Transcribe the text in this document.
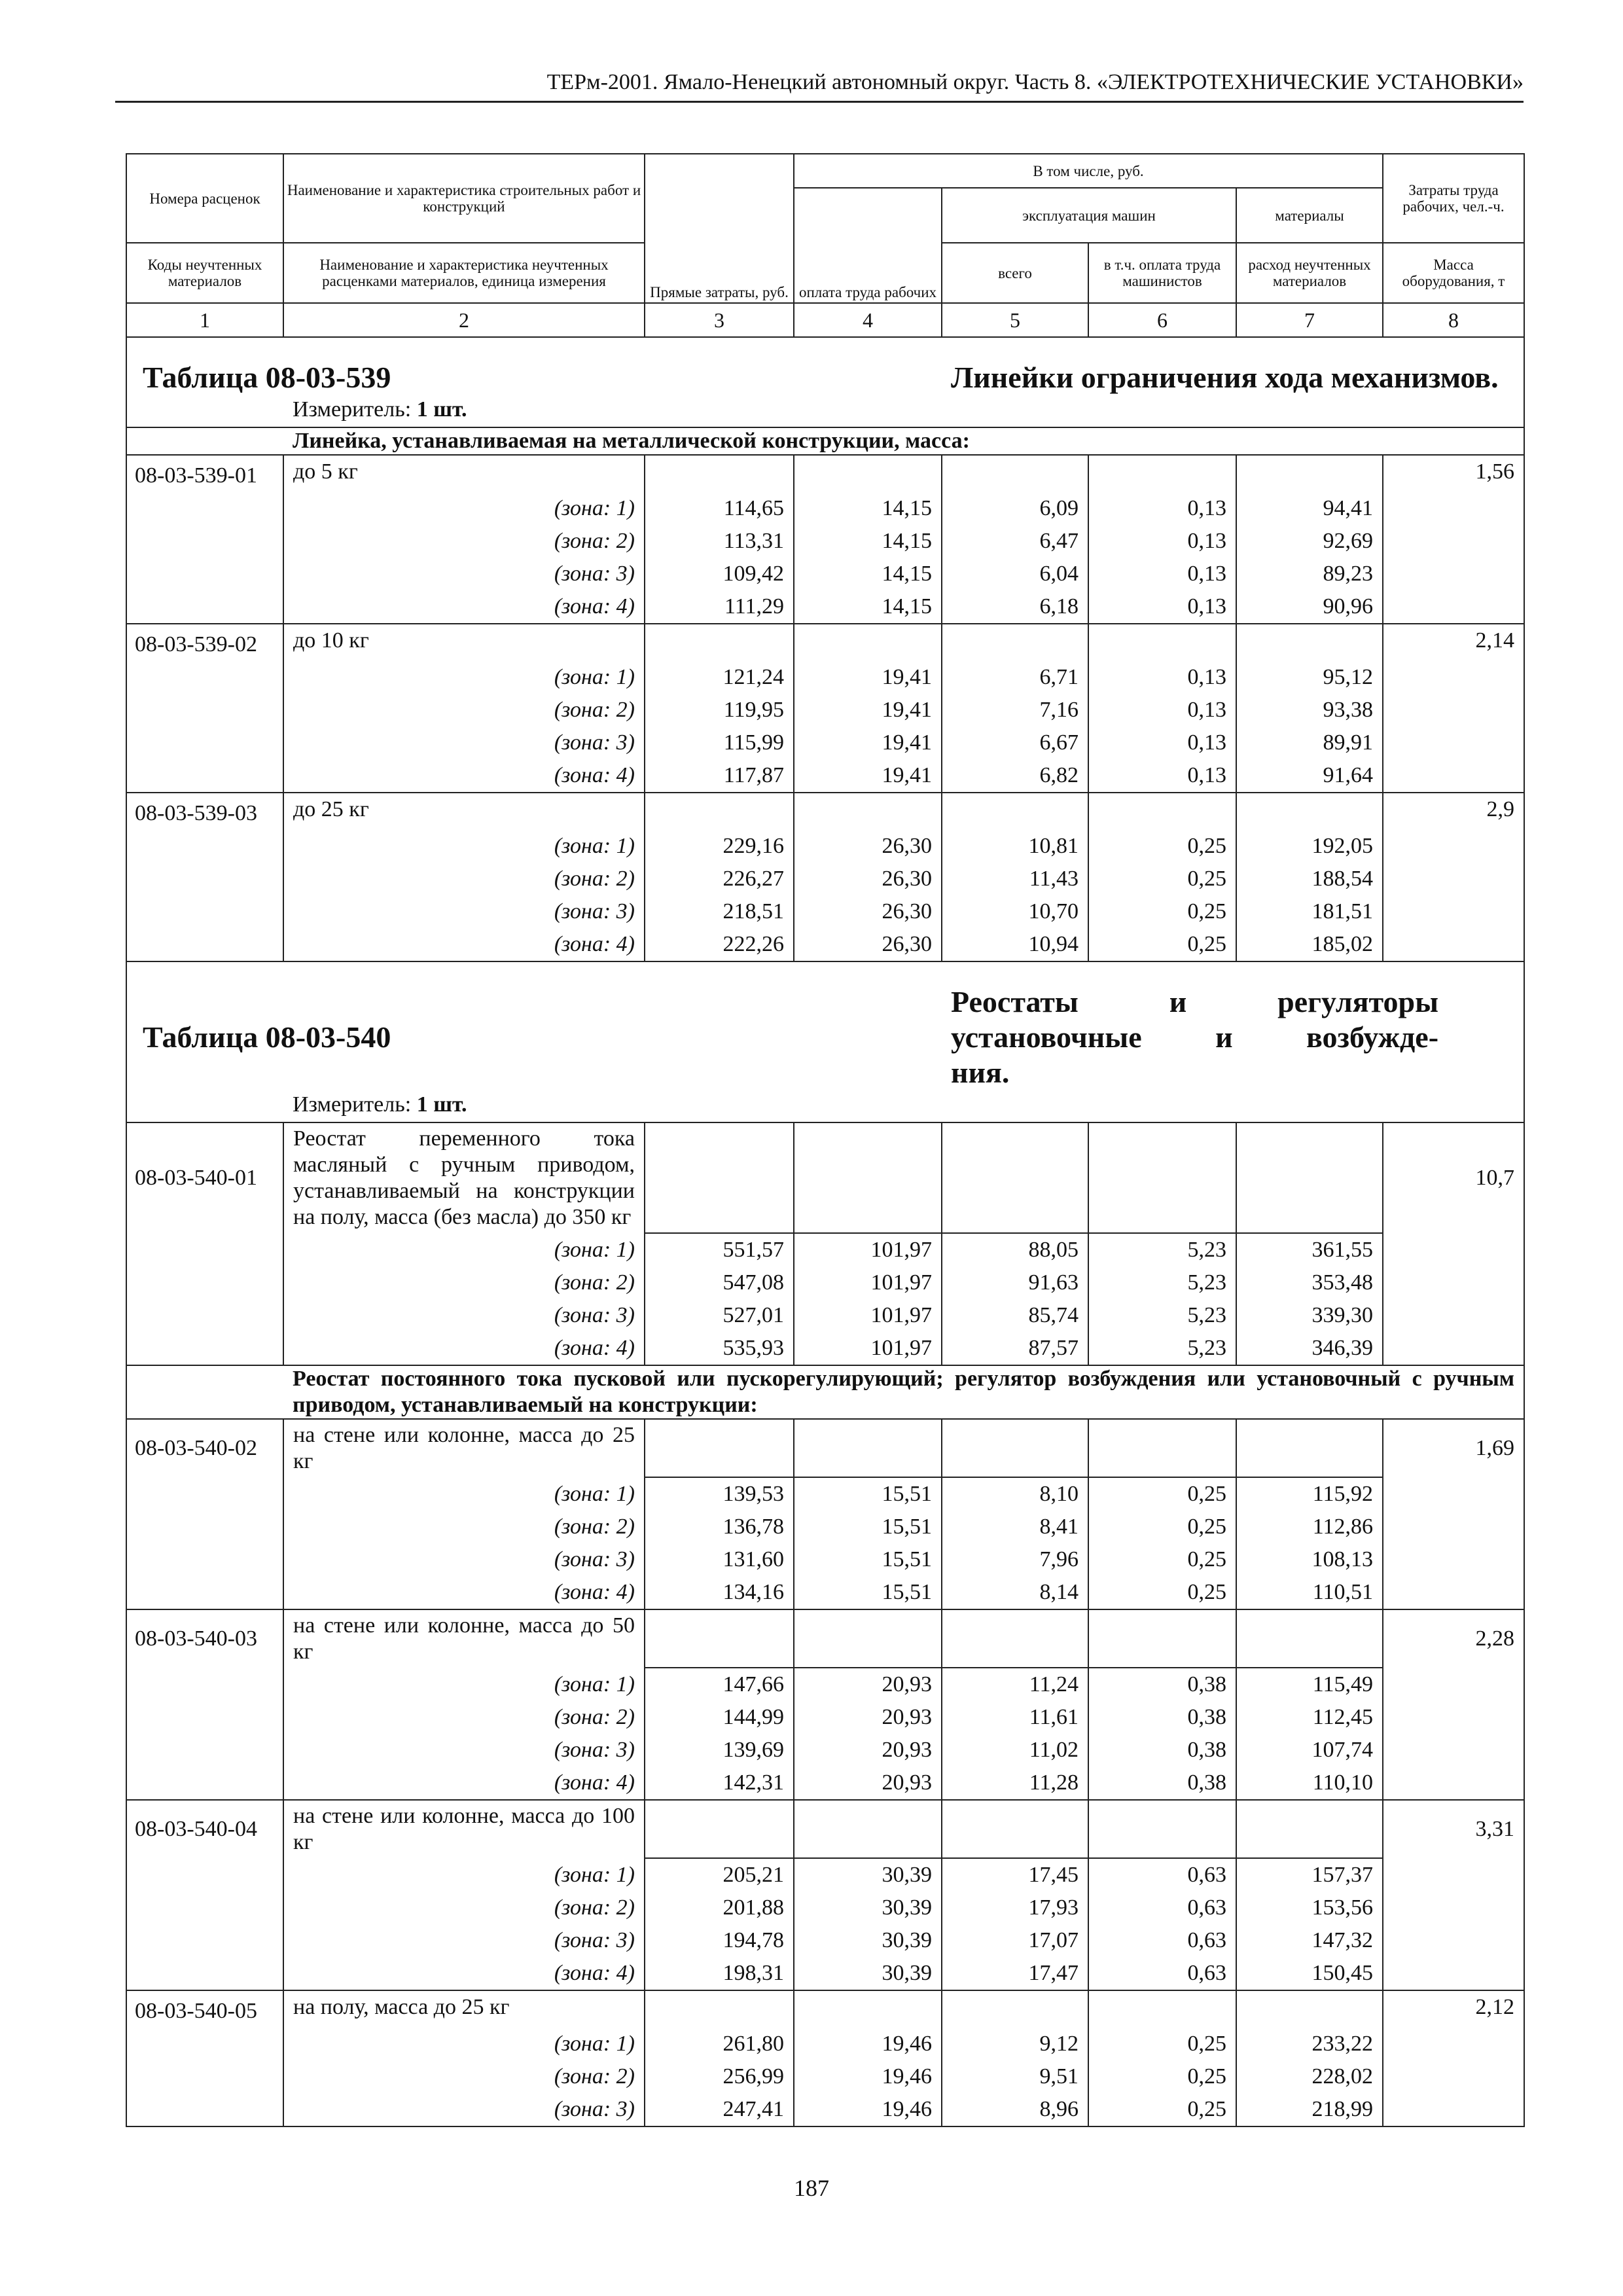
ТЕРм-2001. Ямало-Ненецкий автономный округ. Часть 8. «ЭЛЕКТРОТЕХНИЧЕСКИЕ УСТАНОВКИ»
Номера расценок	Наименование и характеристика строительных работ и конструкций	Прямые затраты, руб.	В том числе, руб.				Затраты труда рабочих, чел.-ч.
			оплата труда рабочих	эксплуатация машин		материалы	
Коды неучтенных материалов	Наименование и характеристика неучтенных расценками материалов, единица измерения			всего	в т.ч. оплата труда машинистов	расход неучтенных материалов	Масса оборудования, т
1	2	3	4	5	6	7	8
Таблица 08-03-539				Линейки ограничения хода механизмов.			
	Измеритель: 1 шт.						
	Линейка, устанавливаемая на металлической конструкции, масса:						
08-03-539-01	до 5 кг						1,56
	(зона: 1)	114,65	14,15	6,09	0,13	94,41	
	(зона: 2)	113,31	14,15	6,47	0,13	92,69	
	(зона: 3)	109,42	14,15	6,04	0,13	89,23	
	(зона: 4)	111,29	14,15	6,18	0,13	90,96	
08-03-539-02	до 10 кг						2,14
	(зона: 1)	121,24	19,41	6,71	0,13	95,12	
	(зона: 2)	119,95	19,41	7,16	0,13	93,38	
	(зона: 3)	115,99	19,41	6,67	0,13	89,91	
	(зона: 4)	117,87	19,41	6,82	0,13	91,64	
08-03-539-03	до 25 кг						2,9
	(зона: 1)	229,16	26,30	10,81	0,25	192,05	
	(зона: 2)	226,27	26,30	11,43	0,25	188,54	
	(зона: 3)	218,51	26,30	10,70	0,25	181,51	
	(зона: 4)	222,26	26,30	10,94	0,25	185,02	

Таблица 08-03-540				Реостаты и регуляторы установочные и возбужде-
ния.			

	Измеритель: 1 шт.						
08-03-540-01	Реостат переменного тока масляный с ручным приводом, устанавливаемый на конструкции на полу, масса (без масла) до 350 кг						10,7
	(зона: 1)	551,57	101,97	88,05	5,23	361,55	
	(зона: 2)	547,08	101,97	91,63	5,23	353,48	
	(зона: 3)	527,01	101,97	85,74	5,23	339,30	
	(зона: 4)	535,93	101,97	87,57	5,23	346,39	
	Реостат постоянного тока пусковой или пускорегулирующий; регулятор возбуждения или установочный с ручным приводом, устанавливаемый на конструкции:						
08-03-540-02	на стене или колонне, масса до 25 кг						1,69
	(зона: 1)	139,53	15,51	8,10	0,25	115,92	
	(зона: 2)	136,78	15,51	8,41	0,25	112,86	
	(зона: 3)	131,60	15,51	7,96	0,25	108,13	
	(зона: 4)	134,16	15,51	8,14	0,25	110,51	
08-03-540-03	на стене или колонне, масса до 50 кг						2,28
	(зона: 1)	147,66	20,93	11,24	0,38	115,49	
	(зона: 2)	144,99	20,93	11,61	0,38	112,45	
	(зона: 3)	139,69	20,93	11,02	0,38	107,74	
	(зона: 4)	142,31	20,93	11,28	0,38	110,10	
08-03-540-04	на стене или колонне, масса до 100 кг						3,31
	(зона: 1)	205,21	30,39	17,45	0,63	157,37	
	(зона: 2)	201,88	30,39	17,93	0,63	153,56	
	(зона: 3)	194,78	30,39	17,07	0,63	147,32	
	(зона: 4)	198,31	30,39	17,47	0,63	150,45	
08-03-540-05	на полу, масса до 25 кг						2,12
	(зона: 1)	261,80	19,46	9,12	0,25	233,22	
	(зона: 2)	256,99	19,46	9,51	0,25	228,02	
	(зона: 3)	247,41	19,46	8,96	0,25	218,99	

187
